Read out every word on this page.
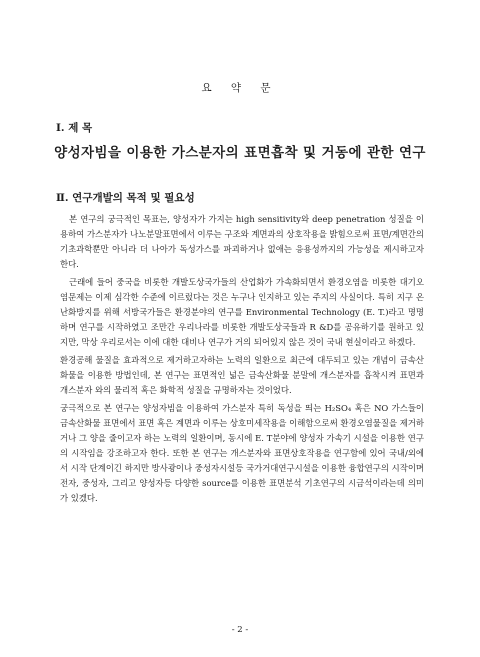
요 약 문
Ⅰ. 제 목
양성자빔을 이용한 가스분자의 표면흡착 및 거동에 관한 연구
Ⅱ. 연구개발의 목적 및 필요성

본 연구의 궁극적인 목표는, 양성자가 가지는 high sensitivity와 deep penetration 성질을 이용하여 가스분자가 나노분말표면에서 이루는 구조와 계면과의 상호작용을 밝힘으로써 표면/계면간의 기초과학뿐만 아니라 더 나아가 독성가스를 파괴하거나 없애는 응용성까지의 가능성을 제시하고자 한다.

근래에 들어 중국을 비롯한 개발도상국가들의 산업화가 가속화되면서 환경오염을 비롯한 대기오염문제는 이제 심각한 수준에 이르렀다는 것은 누구나 인지하고 있는 주지의 사실이다. 특히 지구 온난화방지를 위해 서방국가들은 환경분야의 연구를 Environmental Technology (E. T.)라고 명명하며 연구를 시작하였고 조만간 우리나라를 비롯한 개발도상국들과 R &D를 공유하기를 원하고 있지만, 막상 우리로서는 이에 대한 대비나 연구가 거의 되어있지 않은 것이 국내 현실이라고 하겠다.

환경공해 물질을 효과적으로 제거하고자하는 노력의 일환으로 최근에 대두되고 있는 개념이 금속산화물을 이용한 방법인데, 본 연구는 표면적인 넓은 금속산화물 분말에 개스분자를 흡착시켜 표면과 개스분자 와의 물리적 혹은 화학적 성질을 규명하자는 것이었다.

궁극적으로 본 연구는 양성자빔을 이용하여 가스분자 특히 독성을 띄는 H₂SO₄ 혹은 NO 가스들이 금속산화물 표면에서 표면 혹은 계면과 이루는 상호미세작용을 이해함으로써 환경오염물질을 제거하거나 그 양을 줄이고자 하는 노력의 일환이며, 동시에 E. T분야에 양성자 가속기 시설을 이용한 연구의 시작임을 강조하고자 한다. 또한 본 연구는 개스분자와 표면상호작용을 연구함에 있어 국내/외에서 시작 단계이긴 하지만 방사광이나 중성자시설등 국가거대연구시설을 이용한 융합연구의 시작이며 전자, 중성자, 그리고 양성자등 다양한 source를 이용한 표면분석 기초연구의 시금석이라는데 의미가 있겠다.

- 2 -
